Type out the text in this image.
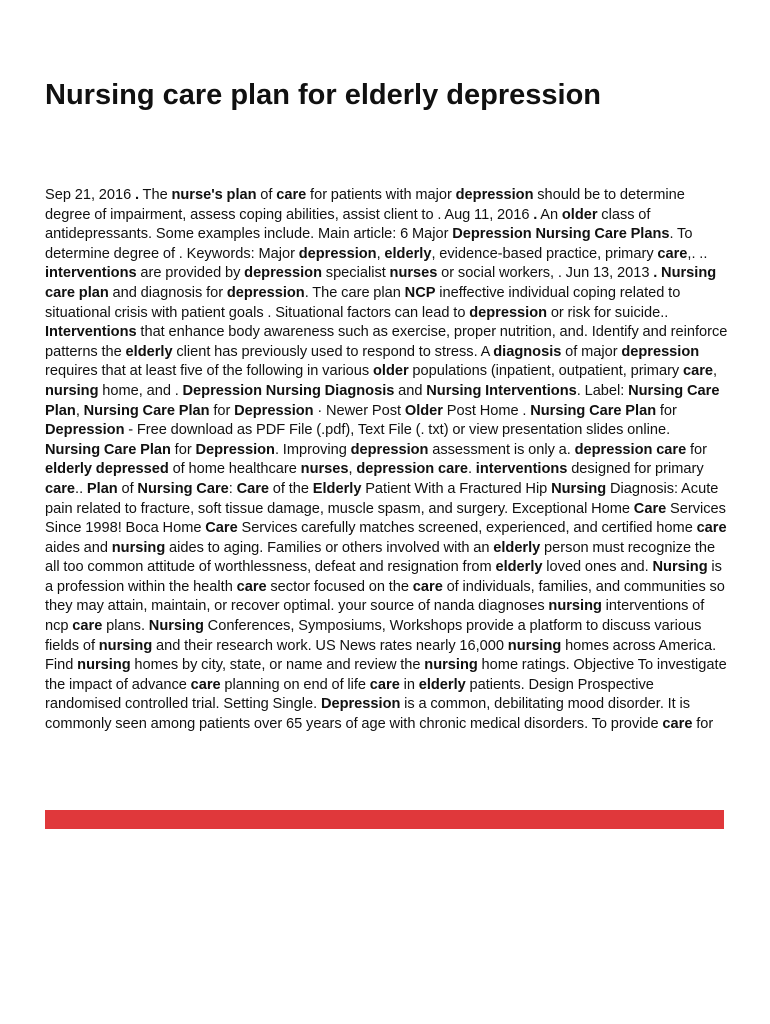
Nursing care plan for elderly depression

Sep 21, 2016 . The nurse's plan of care for patients with major depression should be to determine degree of impairment, assess coping abilities, assist client to . Aug 11, 2016 . An older class of antidepressants. Some examples include. Main article: 6 Major Depression Nursing Care Plans. To determine degree of . Keywords: Major depression, elderly, evidence-based practice, primary care,. .. interventions are provided by depression specialist nurses or social workers, . Jun 13, 2013 . Nursing care plan and diagnosis for depression. The care plan NCP ineffective individual coping related to situational crisis with patient goals . Situational factors can lead to depression or risk for suicide.. Interventions that enhance body awareness such as exercise, proper nutrition, and. Identify and reinforce patterns the elderly client has previously used to respond to stress. A diagnosis of major depression requires that at least five of the following in various older populations (inpatient, outpatient, primary care, nursing home, and . Depression Nursing Diagnosis and Nursing Interventions. Label: Nursing Care Plan, Nursing Care Plan for Depression · Newer Post Older Post Home . Nursing Care Plan for Depression - Free download as PDF File (.pdf), Text File (. txt) or view presentation slides online. Nursing Care Plan for Depression. Improving depression assessment is only a. depression care for elderly depressed of home healthcare nurses, depression care. interventions designed for primary care.. Plan of Nursing Care: Care of the Elderly Patient With a Fractured Hip Nursing Diagnosis: Acute pain related to fracture, soft tissue damage, muscle spasm, and surgery. Exceptional Home Care Services Since 1998! Boca Home Care Services carefully matches screened, experienced, and certified home care aides and nursing aides to aging. Families or others involved with an elderly person must recognize the all too common attitude of worthlessness, defeat and resignation from elderly loved ones and. Nursing is a profession within the health care sector focused on the care of individuals, families, and communities so they may attain, maintain, or recover optimal. your source of nanda diagnoses nursing interventions of ncp care plans. Nursing Conferences, Symposiums, Workshops provide a platform to discuss various fields of nursing and their research work. US News rates nearly 16,000 nursing homes across America. Find nursing homes by city, state, or name and review the nursing home ratings. Objective To investigate the impact of advance care planning on end of life care in elderly patients. Design Prospective randomised controlled trial. Setting Single. Depression is a common, debilitating mood disorder. It is commonly seen among patients over 65 years of age with chronic medical disorders. To provide care for
